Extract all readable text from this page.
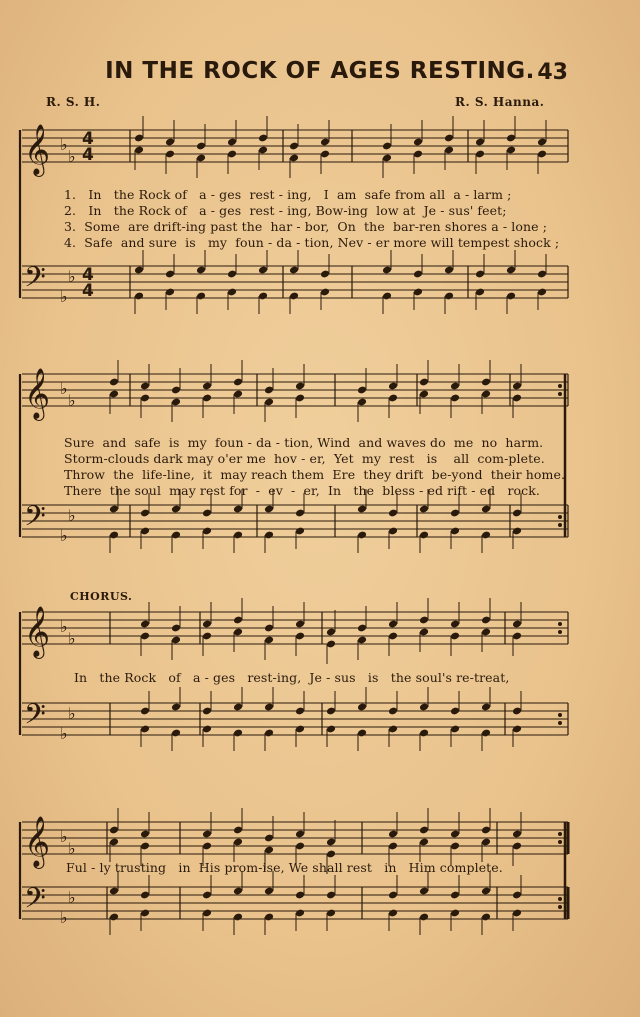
IN THE ROCK OF AGES RESTING. 43
R. S. H.	R. S. Hanna.
𝄞 ♭
♭
4
4
𝄢 ♭
♭ 4
4
𝄞 ♭
♭
𝄢 ♭
♭
𝄞 ♭
♭
𝄢 ♭
♭
𝄞 ♭
♭
𝄢 ♭
♭
1.   In   the Rock of   a - ges  rest - ing,   I  am  safe from all  a - larm ;
2.   In   the Rock of   a - ges  rest - ing, Bow-ing  low at  Je - sus' feet;
3.  Some  are drift-ing past the  har - bor,  On  the  bar-ren shores a - lone ;
4.  Safe  and sure  is   my  foun - da - tion, Nev - er more will tempest shock ;
Sure  and  safe  is  my  foun - da - tion, Wind  and waves do  me  no  harm.
Storm-clouds dark may o'er me  hov - er,  Yet  my  rest   is    all  com-plete.
Throw  the  life-line,  it  may reach them  Ere  they drift  be-yond  their home.
There  the soul  may rest for  -  ev  -  er,  In   the  bless - ed rift - ed   rock.
CHORUS.
In   the Rock   of   a - ges   rest-ing,  Je - sus   is   the soul's re-treat,
Ful - ly trusting   in  His prom-ise, We shall rest   in   Him complete.
